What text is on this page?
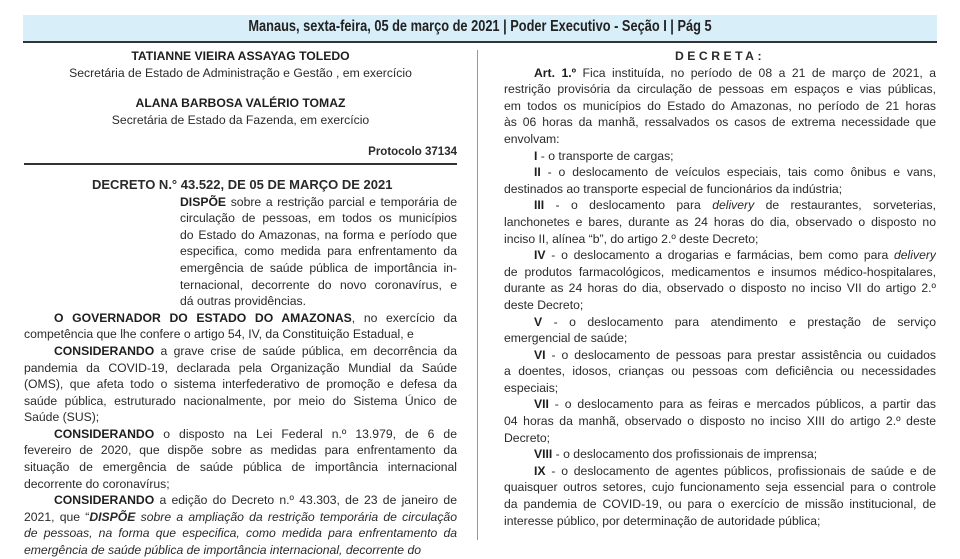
Manaus, sexta-feira, 05 de março de 2021 | Poder Executivo - Seção I | Pág 5
TATIANNE VIEIRA ASSAYAG TOLEDO
Secretária de Estado de Administração e Gestão , em exercício
ALANA BARBOSA VALÉRIO TOMAZ
Secretária de Estado da Fazenda, em exercício
Protocolo 37134
DECRETO N.° 43.522, DE 05 DE MARÇO DE 2021
DISPÕE sobre a restrição parcial e temporária de
circulação de pessoas, em todos os municípios
do Estado do Amazonas, na forma e período que
especifica, como medida para enfrentamento da
emergência de saúde pública de importância in-
ternacional, decorrente do novo coronavírus, e
dá outras providências.
O GOVERNADOR DO ESTADO DO AMAZONAS, no exercício da
competência que lhe confere o artigo 54, IV, da Constituição Estadual, e
CONSIDERANDO a grave crise de saúde pública, em decorrência da
pandemia da COVID-19, declarada pela Organização Mundial da Saúde
(OMS), que afeta todo o sistema interfederativo de promoção e defesa da
saúde pública, estruturado nacionalmente, por meio do Sistema Único de
Saúde (SUS);
CONSIDERANDO o disposto na Lei Federal n.º 13.979, de 6 de
fevereiro de 2020, que dispõe sobre as medidas para enfrentamento da
situação de emergência de saúde pública de importância internacional
decorrente do coronavírus;
CONSIDERANDO a edição do Decreto n.º 43.303, de 23 de janeiro de
2021, que “DISPÕE sobre a ampliação da restrição temporária de circulação
de pessoas, na forma que especifica, como medida para enfrentamento da
emergência de saúde pública de importância internacional, decorrente do
DECRETA:
Art. 1.º Fica instituída, no período de 08 a 21 de março de 2021, a
restrição provisória da circulação de pessoas em espaços e vias públicas,
em todos os municípios do Estado do Amazonas, no período de 21 horas
às 06 horas da manhã, ressalvados os casos de extrema necessidade que
envolvam:
I - o transporte de cargas;
II - o deslocamento de veículos especiais, tais como ônibus e vans,
destinados ao transporte especial de funcionários da indústria;
III - o deslocamento para delivery de restaurantes, sorveterias,
lanchonetes e bares, durante as 24 horas do dia, observado o disposto no
inciso II, alínea “b”, do artigo 2.º deste Decreto;
IV - o deslocamento a drogarias e farmácias, bem como para delivery
de produtos farmacológicos, medicamentos e insumos médico-hospitalares,
durante as 24 horas do dia, observado o disposto no inciso VII do artigo 2.º
deste Decreto;
V - o deslocamento para atendimento e prestação de serviço
emergencial de saúde;
VI - o deslocamento de pessoas para prestar assistência ou cuidados
a doentes, idosos, crianças ou pessoas com deficiência ou necessidades
especiais;
VII - o deslocamento para as feiras e mercados públicos, a partir das
04 horas da manhã, observado o disposto no inciso XIII do artigo 2.º deste
Decreto;
VIII - o deslocamento dos profissionais de imprensa;
IX - o deslocamento de agentes públicos, profissionais de saúde e de
quaisquer outros setores, cujo funcionamento seja essencial para o controle
da pandemia de COVID-19, ou para o exercício de missão institucional, de
interesse público, por determinação de autoridade pública;
